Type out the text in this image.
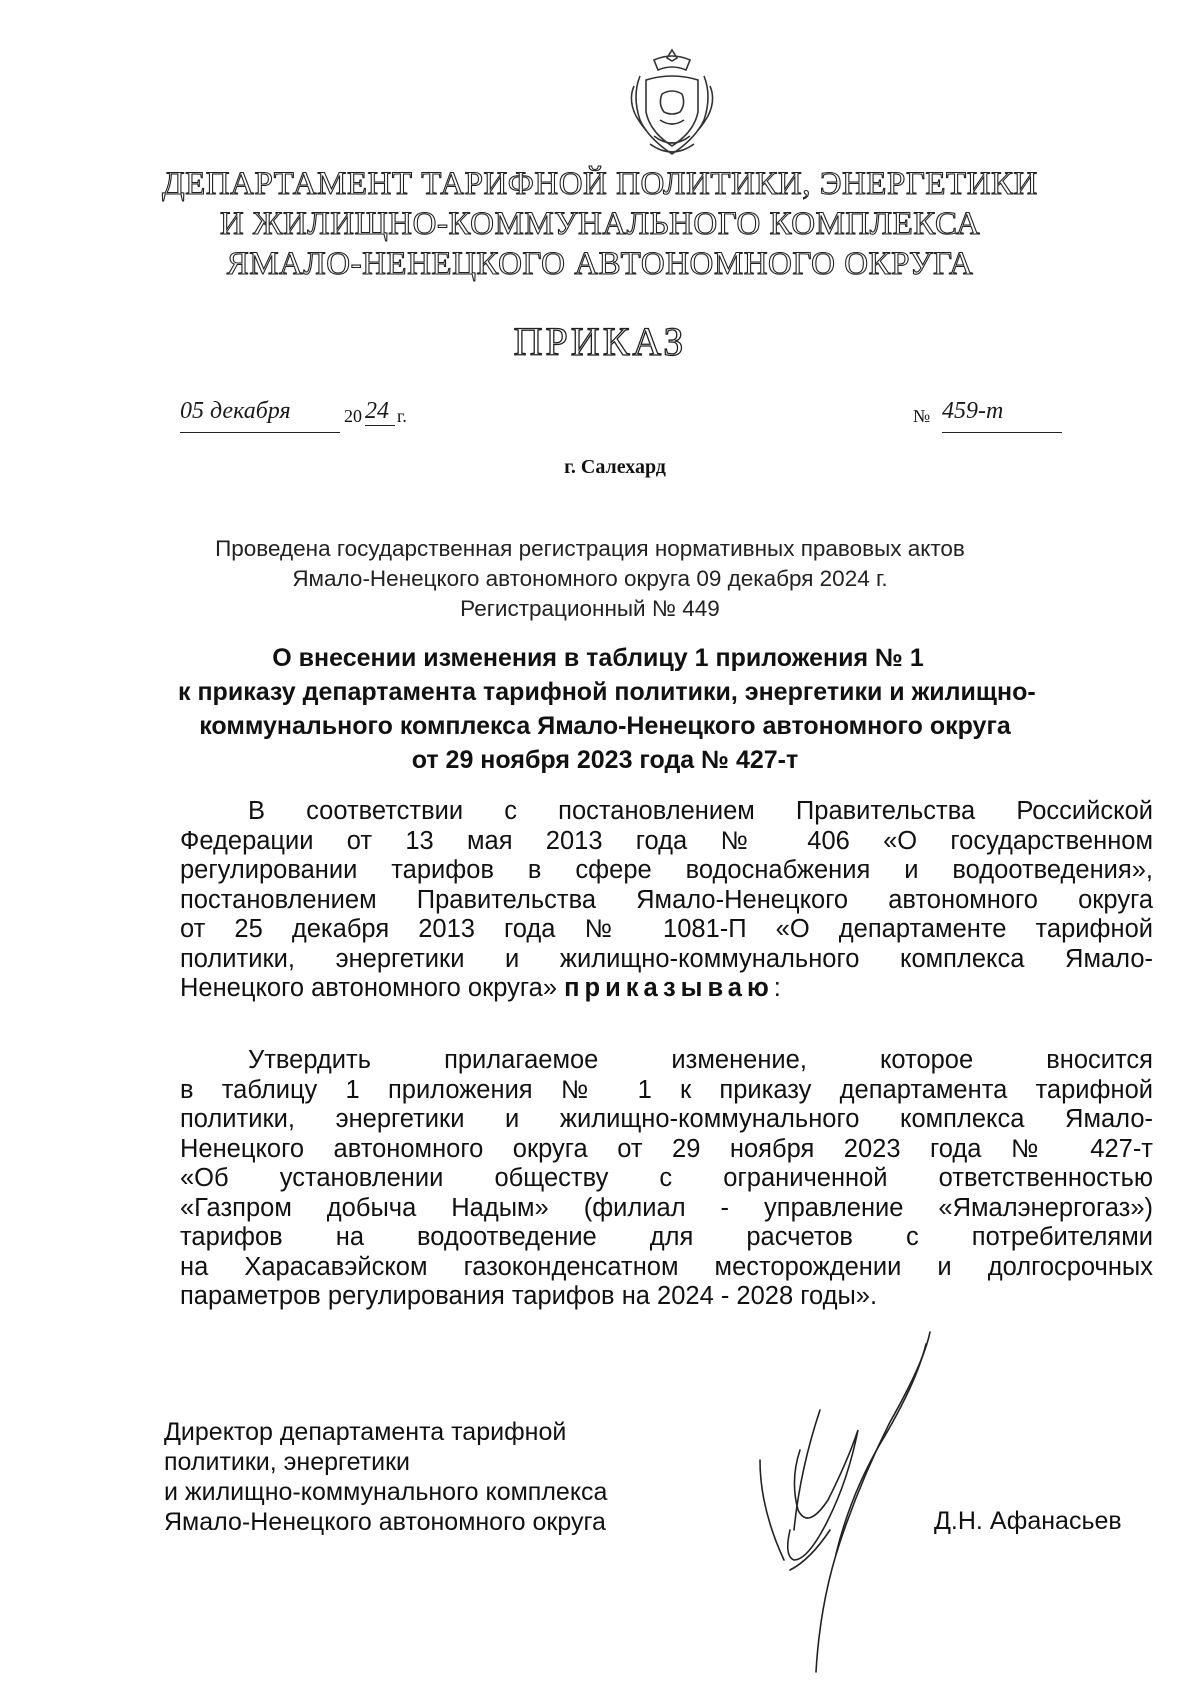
ДЕПАРТАМЕНТ ТАРИФНОЙ ПОЛИТИКИ, ЭНЕРГЕТИКИ
И ЖИЛИЩНО-КОММУНАЛЬНОГО КОМПЛЕКСА
ЯМАЛО-НЕНЕЦКОГО АВТОНОМНОГО ОКРУГА
ПРИКАЗ
05 декабря	20 24 г.	№ 459-т
г. Салехард
Проведена государственная регистрация нормативных правовых актов
Ямало-Ненецкого автономного округа 09 декабря 2024 г.
Регистрационный № 449
О внесении изменения в таблицу 1 приложения № 1
к приказу департамента тарифной политики, энергетики и жилищно-
коммунального комплекса Ямало-Ненецкого автономного округа
от 29 ноября 2023 года № 427-т
В соответствии с постановлением Правительства Российской
Федерации от 13 мая 2013 года № 406 «О государственном
регулировании тарифов в сфере водоснабжения и водоотведения»,
постановлением Правительства Ямало-Ненецкого автономного округа
от 25 декабря 2013 года № 1081-П «О департаменте тарифной
политики, энергетики и жилищно-коммунального комплекса Ямало-
Ненецкого автономного округа» приказываю:
Утвердить прилагаемое изменение, которое вносится
в таблицу 1 приложения № 1 к приказу департамента тарифной
политики, энергетики и жилищно-коммунального комплекса Ямало-
Ненецкого автономного округа от 29 ноября 2023 года № 427-т
«Об установлении обществу с ограниченной ответственностью
«Газпром добыча Надым» (филиал - управление «Ямалэнергогаз»)
тарифов на водоотведение для расчетов с потребителями
на Харасавэйском газоконденсатном месторождении и долгосрочных
параметров регулирования тарифов на 2024 - 2028 годы».
Директор департамента тарифной
политики, энергетики
и жилищно-коммунального комплекса
Ямало-Ненецкого автономного округа	Д.Н. Афанасьев
